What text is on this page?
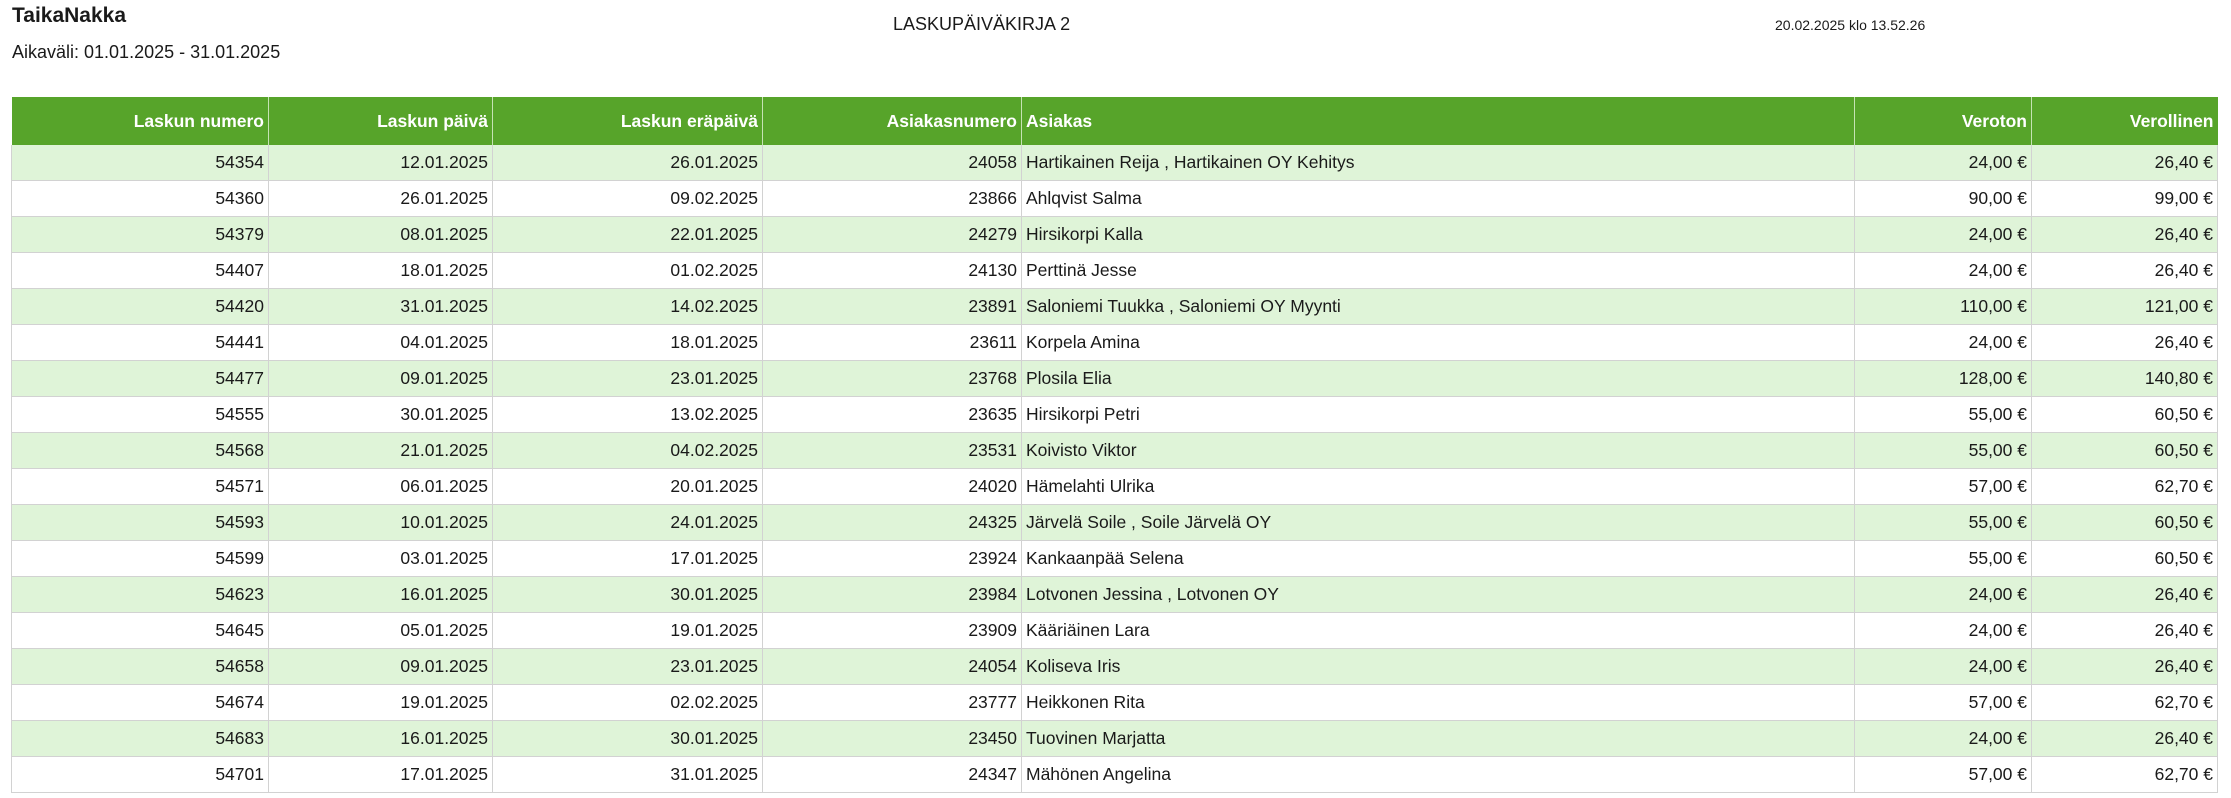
TaikaNakka	LASKUPÄIVÄKIRJA 2
Aikaväli: 01.01.2025 - 31.01.2025
20.02.2025 klo 13.52.26
Laskun numero	Laskun päivä	Laskun eräpäivä	Asiakasnumero	Asiakas	Veroton	Verollinen
54354	12.01.2025	26.01.2025	24058	Hartikainen Reija , Hartikainen OY Kehitys	24,00 €	26,40 €
54360	26.01.2025	09.02.2025	23866	Ahlqvist Salma	90,00 €	99,00 €
54379	08.01.2025	22.01.2025	24279	Hirsikorpi Kalla	24,00 €	26,40 €
54407	18.01.2025	01.02.2025	24130	Perttinä Jesse	24,00 €	26,40 €
54420	31.01.2025	14.02.2025	23891	Saloniemi Tuukka , Saloniemi OY Myynti	110,00 €	121,00 €
54441	04.01.2025	18.01.2025	23611	Korpela Amina	24,00 €	26,40 €
54477	09.01.2025	23.01.2025	23768	Plosila Elia	128,00 €	140,80 €
54555	30.01.2025	13.02.2025	23635	Hirsikorpi Petri	55,00 €	60,50 €
54568	21.01.2025	04.02.2025	23531	Koivisto Viktor	55,00 €	60,50 €
54571	06.01.2025	20.01.2025	24020	Hämelahti Ulrika	57,00 €	62,70 €
54593	10.01.2025	24.01.2025	24325	Järvelä Soile , Soile Järvelä OY	55,00 €	60,50 €
54599	03.01.2025	17.01.2025	23924	Kankaanpää Selena	55,00 €	60,50 €
54623	16.01.2025	30.01.2025	23984	Lotvonen Jessina , Lotvonen OY	24,00 €	26,40 €
54645	05.01.2025	19.01.2025	23909	Kääriäinen Lara	24,00 €	26,40 €
54658	09.01.2025	23.01.2025	24054	Koliseva Iris	24,00 €	26,40 €
54674	19.01.2025	02.02.2025	23777	Heikkonen Rita	57,00 €	62,70 €
54683	16.01.2025	30.01.2025	23450	Tuovinen Marjatta	24,00 €	26,40 €
54701	17.01.2025	31.01.2025	24347	Mähönen Angelina	57,00 €	62,70 €
